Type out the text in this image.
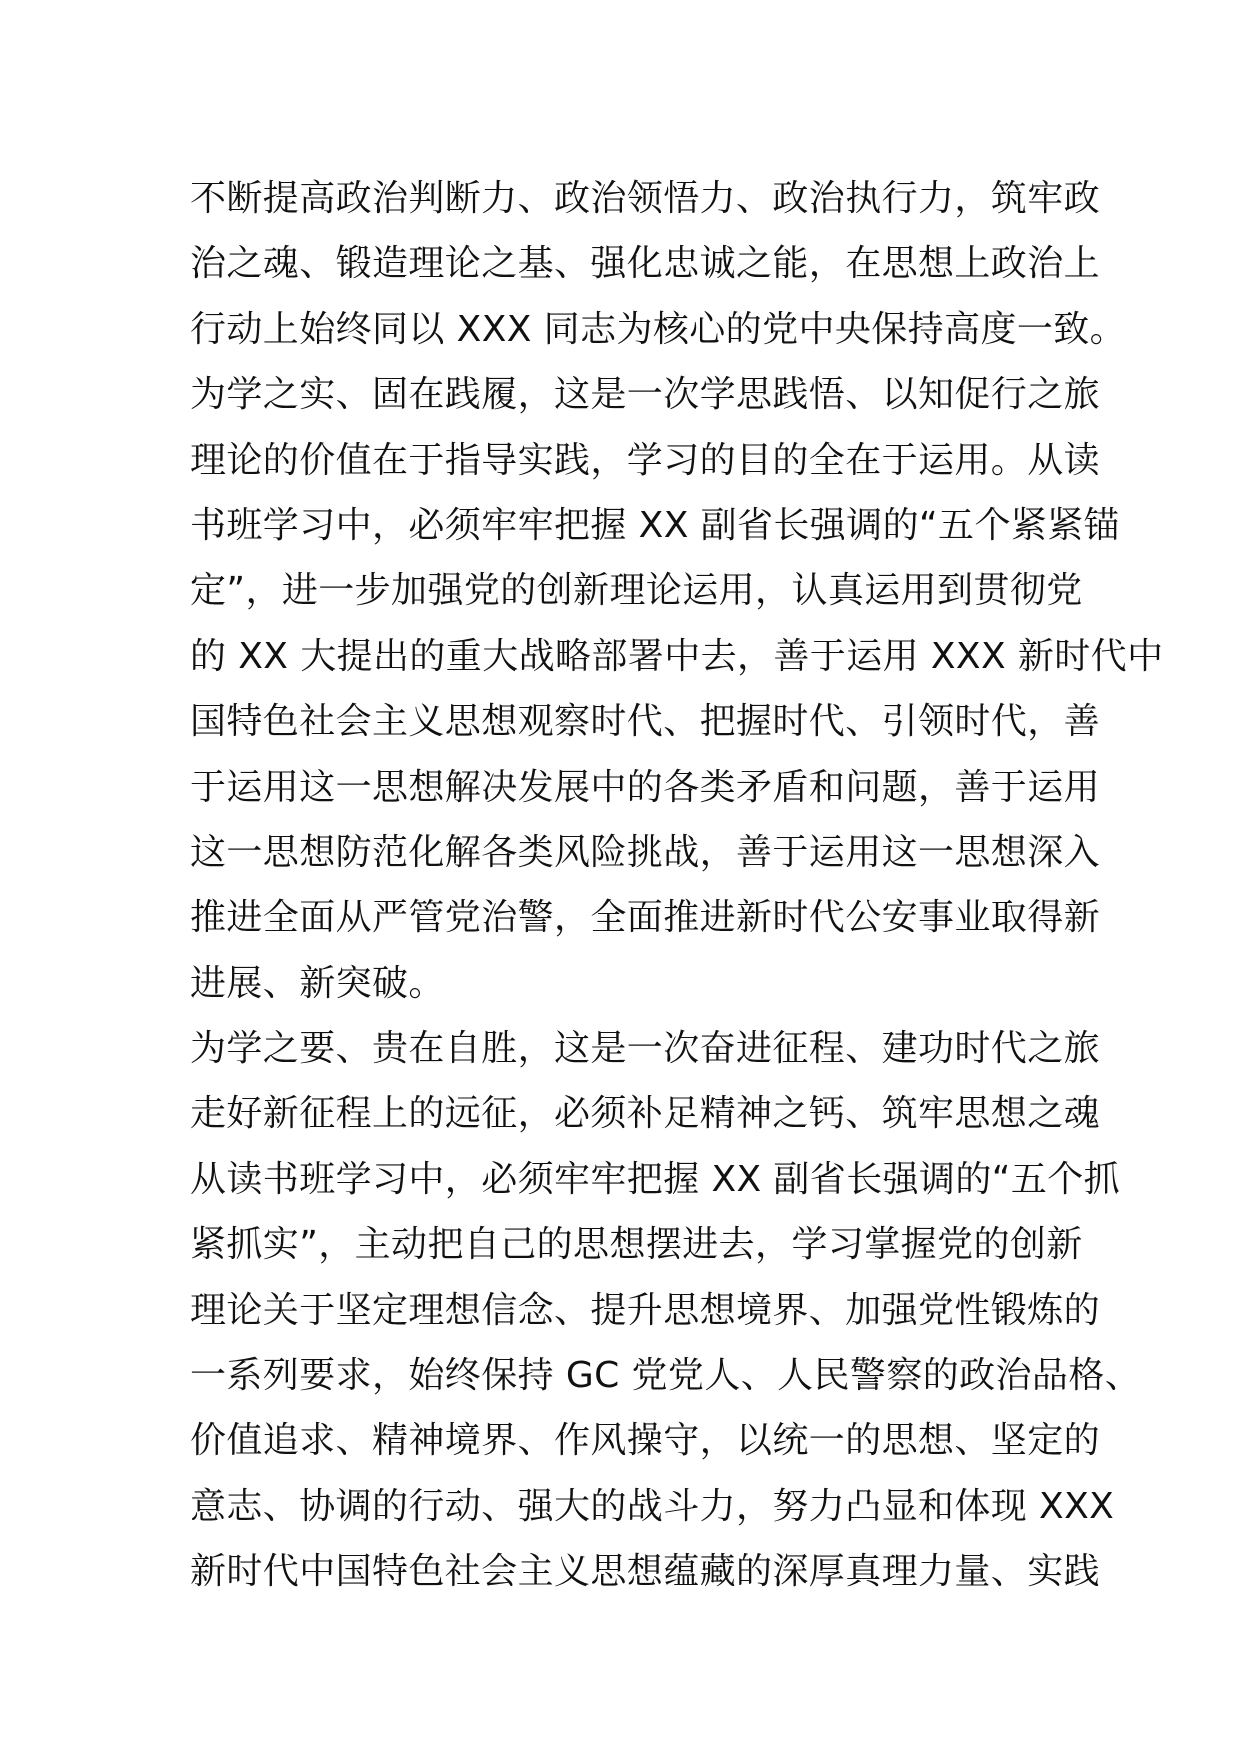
不断提高政治判断力、政治领悟力、政治执行力，筑牢政
治之魂、锻造理论之基、强化忠诚之能，在思想上政治上
行动上始终同以 XXX 同志为核心的党中央保持高度一致。
为学之实、固在践履，这是一次学思践悟、以知促行之旅
理论的价值在于指导实践，学习的目的全在于运用。从读
书班学习中，必须牢牢把握 XX 副省长强调的“五个紧紧锚
定”，进一步加强党的创新理论运用，认真运用到贯彻党
的 XX 大提出的重大战略部署中去，善于运用 XXX 新时代中
国特色社会主义思想观察时代、把握时代、引领时代，善
于运用这一思想解决发展中的各类矛盾和问题，善于运用
这一思想防范化解各类风险挑战，善于运用这一思想深入
推进全面从严管党治警，全面推进新时代公安事业取得新
进展、新突破。
为学之要、贵在自胜，这是一次奋进征程、建功时代之旅
走好新征程上的远征，必须补足精神之钙、筑牢思想之魂
从读书班学习中，必须牢牢把握 XX 副省长强调的“五个抓
紧抓实”，主动把自己的思想摆进去，学习掌握党的创新
理论关于坚定理想信念、提升思想境界、加强党性锻炼的
一系列要求，始终保持 GC 党党人、人民警察的政治品格、
价值追求、精神境界、作风操守，以统一的思想、坚定的
意志、协调的行动、强大的战斗力，努力凸显和体现 XXX
新时代中国特色社会主义思想蕴藏的深厚真理力量、实践
